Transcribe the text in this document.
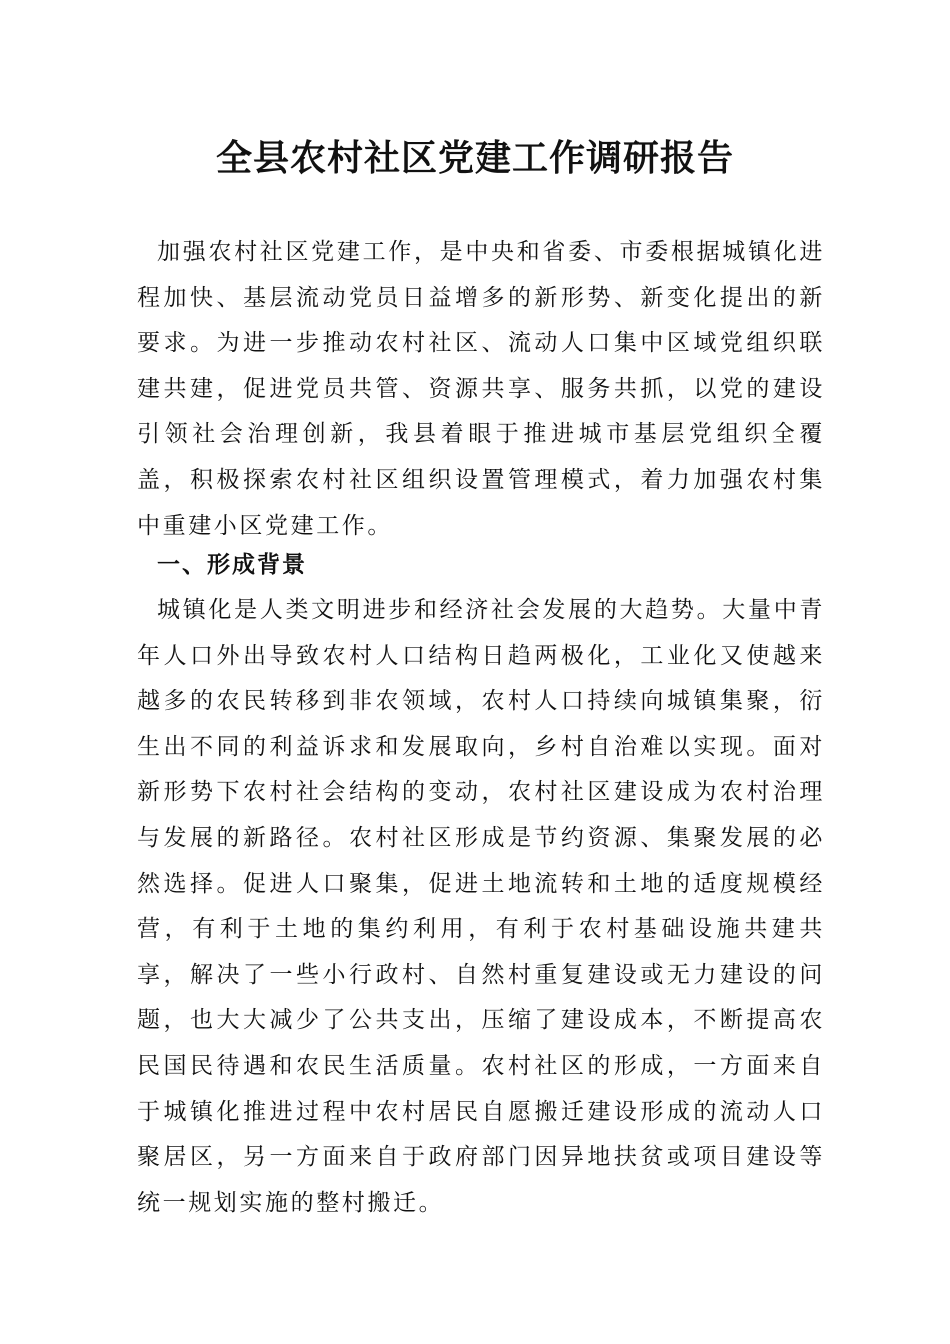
全县农村社区党建工作调研报告

加强农村社区党建工作，是中央和省委、市委根据城镇化进程加快、基层流动党员日益增多的新形势、新变化提出的新要求。为进一步推动农村社区、流动人口集中区域党组织联建共建，促进党员共管、资源共享、服务共抓，以党的建设引领社会治理创新，我县着眼于推进城市基层党组织全覆盖，积极探索农村社区组织设置管理模式，着力加强农村集中重建小区党建工作。

一、形成背景

城镇化是人类文明进步和经济社会发展的大趋势。大量中青年人口外出导致农村人口结构日趋两极化，工业化又使越来越多的农民转移到非农领域，农村人口持续向城镇集聚，衍生出不同的利益诉求和发展取向，乡村自治难以实现。面对新形势下农村社会结构的变动，农村社区建设成为农村治理与发展的新路径。农村社区形成是节约资源、集聚发展的必然选择。促进人口聚集，促进土地流转和土地的适度规模经营，有利于土地的集约利用，有利于农村基础设施共建共享，解决了一些小行政村、自然村重复建设或无力建设的问题，也大大减少了公共支出，压缩了建设成本，不断提高农民国民待遇和农民生活质量。农村社区的形成，一方面来自于城镇化推进过程中农村居民自愿搬迁建设形成的流动人口聚居区，另一方面来自于政府部门因异地扶贫或项目建设等统一规划实施的整村搬迁。
